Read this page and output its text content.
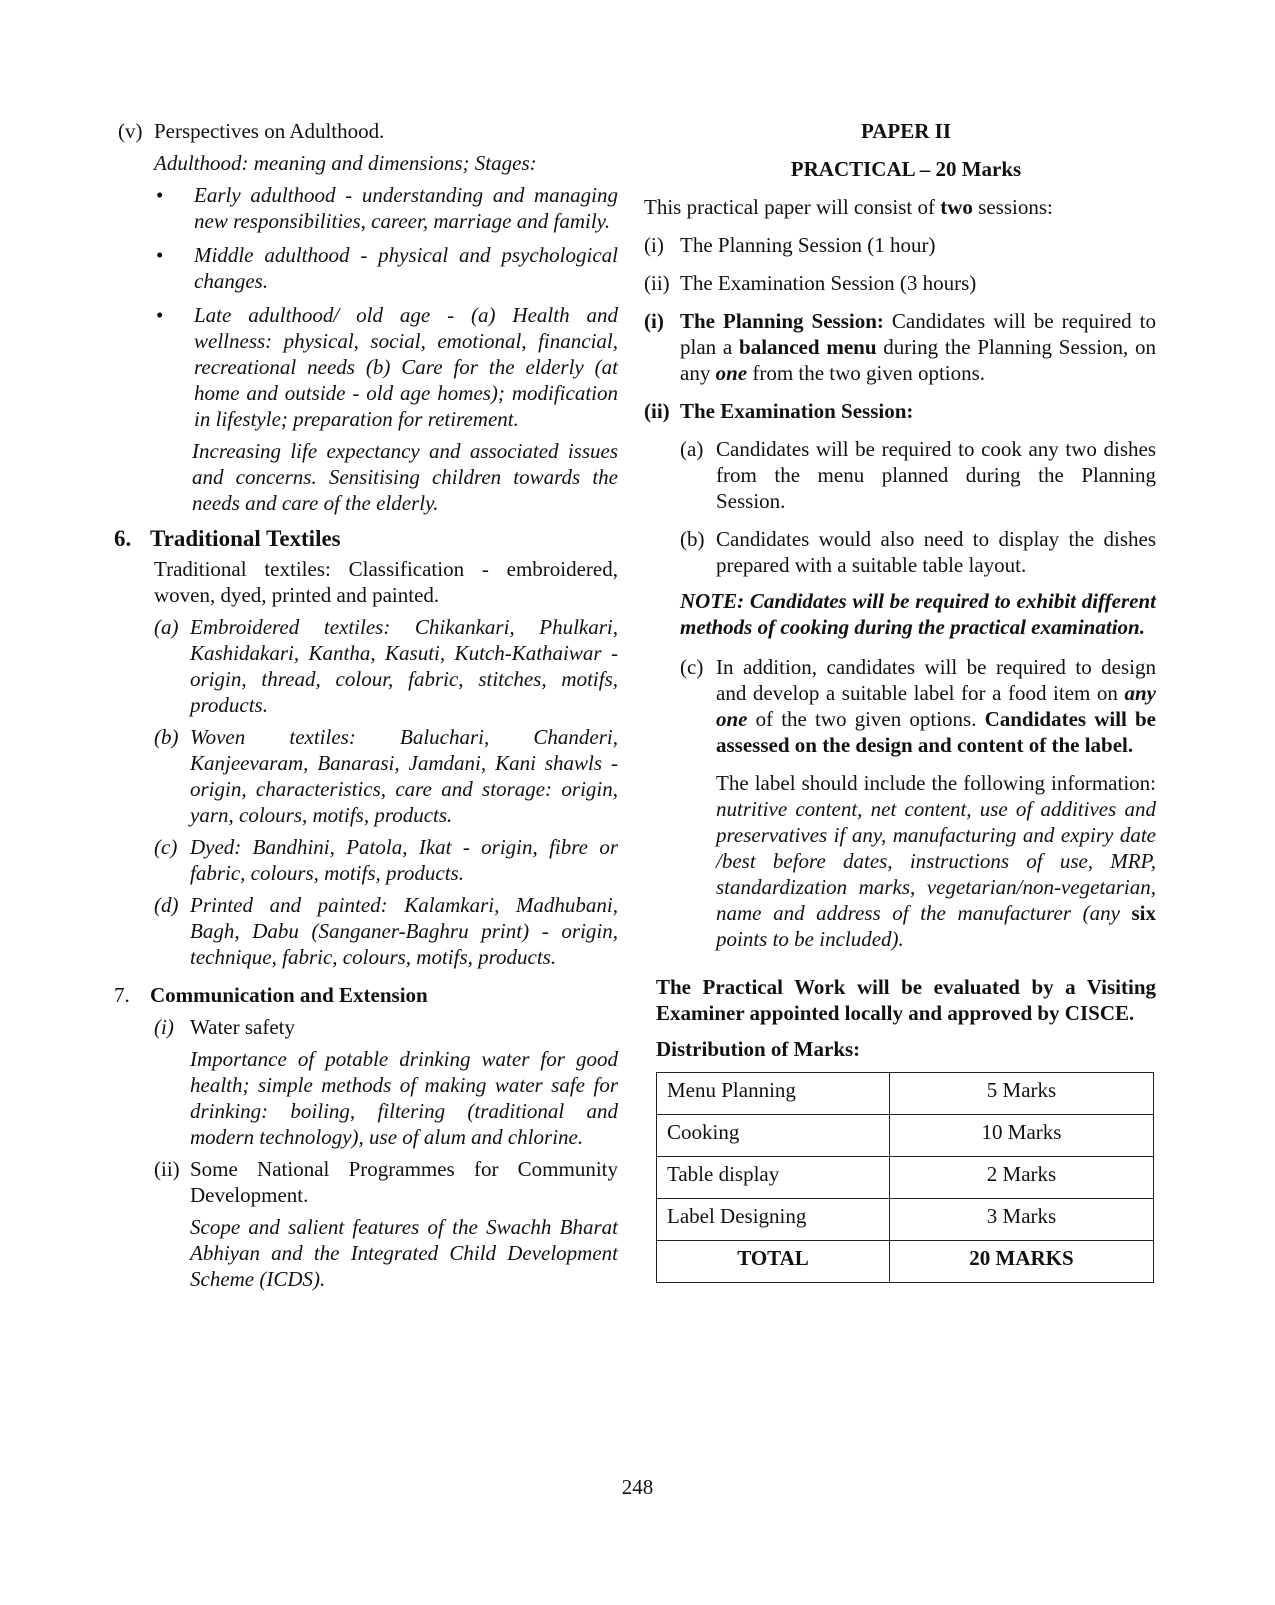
(v) Perspectives on Adulthood.

Adulthood: meaning and dimensions; Stages:

•	Early adulthood - understanding and managing new responsibilities, career, marriage and family.
•	Middle adulthood - physical and psychological changes.
•	Late adulthood/ old age - (a) Health and wellness: physical, social, emotional, financial, recreational needs (b) Care for the elderly (at home and outside - old age homes); modification in lifestyle; preparation for retirement.

Increasing life expectancy and associated issues and concerns. Sensitising children towards the needs and care of the elderly.

6. Traditional Textiles

Traditional textiles: Classification - embroidered, woven, dyed, printed and painted.

(a) Embroidered textiles: Chikankari, Phulkari, Kashidakari, Kantha, Kasuti, Kutch-Kathaiwar - origin, thread, colour, fabric, stitches, motifs, products.
(b) Woven textiles: Baluchari, Chanderi, Kanjeevaram, Banarasi, Jamdani, Kani shawls - origin, characteristics, care and storage: origin, yarn, colours, motifs, products.
(c) Dyed: Bandhini, Patola, Ikat - origin, fibre or fabric, colours, motifs, products.
(d) Printed and painted: Kalamkari, Madhubani, Bagh, Dabu (Sanganer-Baghru print) - origin, technique, fabric, colours, motifs, products.
7. Communication and Extension
(i) Water safety

Importance of potable drinking water for good health; simple methods of making water safe for drinking: boiling, filtering (traditional and modern technology), use of alum and chlorine.

(ii) Some National Programmes for Community Development.

Scope and salient features of the Swachh Bharat Abhiyan and the Integrated Child Development Scheme (ICDS).

PAPER II

PRACTICAL – 20 Marks

This practical paper will consist of two sessions:

(i) The Planning Session (1 hour)
(ii) The Examination Session (3 hours)
(i) The Planning Session: Candidates will be required to plan a balanced menu during the Planning Session, on any one from the two given options.

(ii) The Examination Session:
(a) Candidates will be required to cook any two dishes from the menu planned during the Planning Session.
(b) Candidates would also need to display the dishes prepared with a suitable table layout.

NOTE: Candidates will be required to exhibit different methods of cooking during the practical examination.

(c) In addition, candidates will be required to design and develop a suitable label for a food item on any one of the two given options. Candidates will be assessed on the design and content of the label.

The label should include the following information: nutritive content, net content, use of additives and preservatives if any, manufacturing and expiry date /best before dates, instructions of use, MRP, standardization marks, vegetarian/non-vegetarian, name and address of the manufacturer (any six points to be included).

The Practical Work will be evaluated by a Visiting Examiner appointed locally and approved by CISCE.

Distribution of Marks:

Menu Planning	5 Marks
Cooking	10 Marks
Table display	2 Marks
Label Designing	3 Marks
TOTAL	20 MARKS
248
